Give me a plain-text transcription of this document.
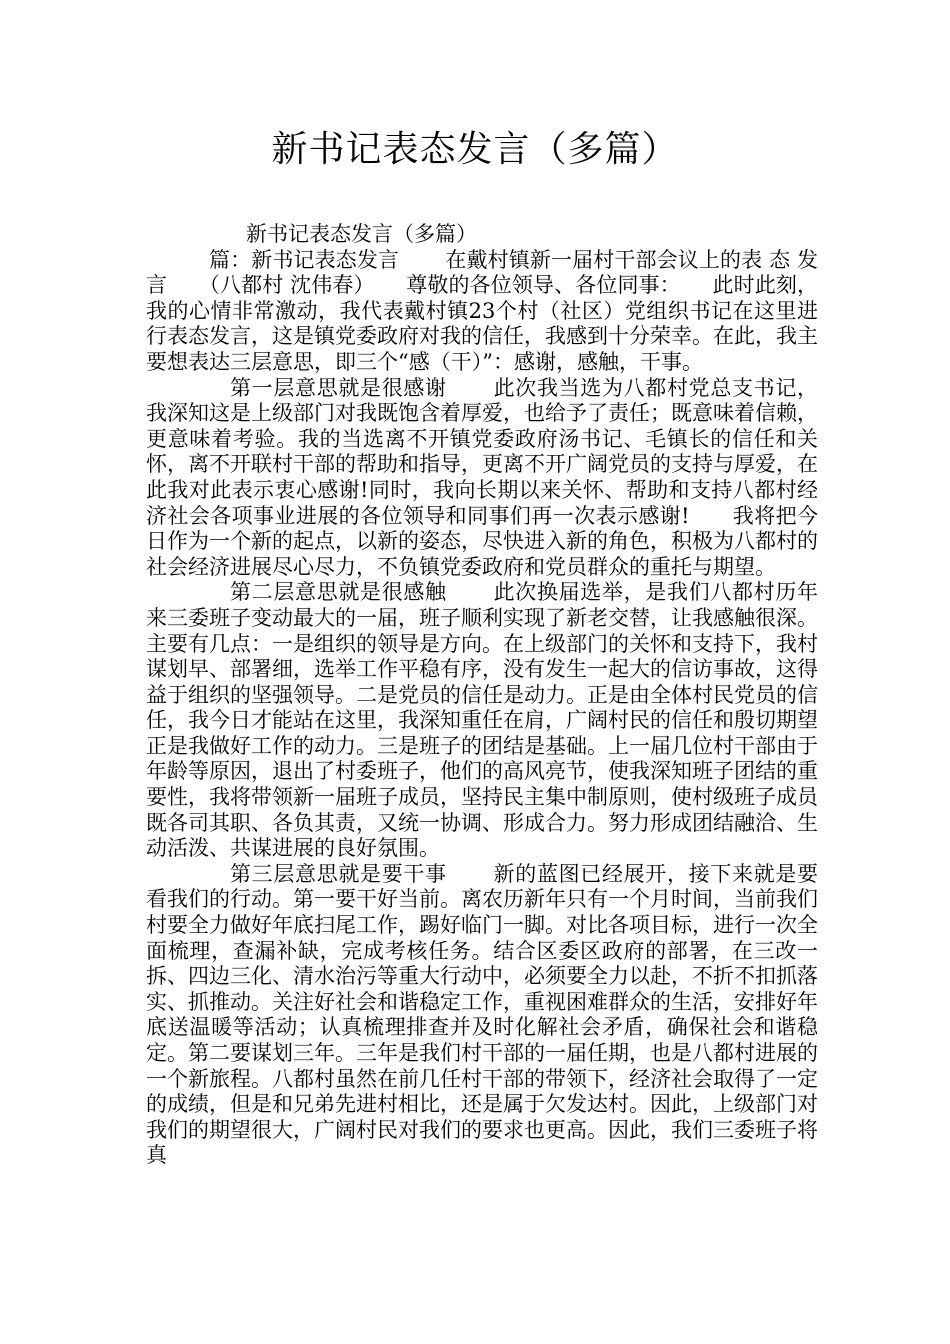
新书记表态发言（多篇）

新书记表态发言（多篇）

篇：新书记表态发言 在戴村镇新一届村干部会议上的表 态 发 言　　（八都村 沈伟春）　　尊敬的各位领导、各位同事：　　此时此刻，我的心情非常激动，我代表戴村镇23个村（社区）党组织书记在这里进行表态发言，这是镇党委政府对我的信任，我感到十分荣幸。在此，我主要想表达三层意思，即三个“感（干）”：感谢，感触，干事。

第一层意思就是很感谢 此次我当选为八都村党总支书记，我深知这是上级部门对我既饱含着厚爱，也给予了责任；既意味着信赖，更意味着考验。我的当选离不开镇党委政府汤书记、毛镇长的信任和关怀，离不开联村干部的帮助和指导，更离不开广阔党员的支持与厚爱，在此我对此表示衷心感谢!同时，我向长期以来关怀、帮助和支持八都村经济社会各项事业进展的各位领导和同事们再一次表示感谢!　　我将把今日作为一个新的起点，以新的姿态，尽快进入新的角色，积极为八都村的社会经济进展尽心尽力，不负镇党委政府和党员群众的重托与期望。

第二层意思就是很感触 此次换届选举，是我们八都村历年来三委班子变动最大的一届，班子顺利实现了新老交替，让我感触很深。主要有几点：一是组织的领导是方向。在上级部门的关怀和支持下，我村谋划早、部署细，选举工作平稳有序，没有发生一起大的信访事故，这得益于组织的坚强领导。二是党员的信任是动力。正是由全体村民党员的信任，我今日才能站在这里，我深知重任在肩，广阔村民的信任和殷切期望正是我做好工作的动力。三是班子的团结是基础。上一届几位村干部由于年龄等原因，退出了村委班子，他们的高风亮节，使我深知班子团结的重要性，我将带领新一届班子成员，坚持民主集中制原则，使村级班子成员既各司其职、各负其责，又统一协调、形成合力。努力形成团结融洽、生动活泼、共谋进展的良好氛围。

第三层意思就是要干事 新的蓝图已经展开，接下来就是要看我们的行动。第一要干好当前。离农历新年只有一个月时间，当前我们村要全力做好年底扫尾工作，踢好临门一脚。对比各项目标，进行一次全面梳理，查漏补缺，完成考核任务。结合区委区政府的部署，在三改一拆、四边三化、清水治污等重大行动中，必须要全力以赴，不折不扣抓落实、抓推动。关注好社会和谐稳定工作，重视困难群众的生活，安排好年底送温暖等活动；认真梳理排查并及时化解社会矛盾，确保社会和谐稳定。第二要谋划三年。三年是我们村干部的一届任期，也是八都村进展的一个新旅程。八都村虽然在前几任村干部的带领下，经济社会取得了一定的成绩，但是和兄弟先进村相比，还是属于欠发达村。因此，上级部门对我们的期望很大，广阔村民对我们的要求也更高。因此，我们三委班子将真
